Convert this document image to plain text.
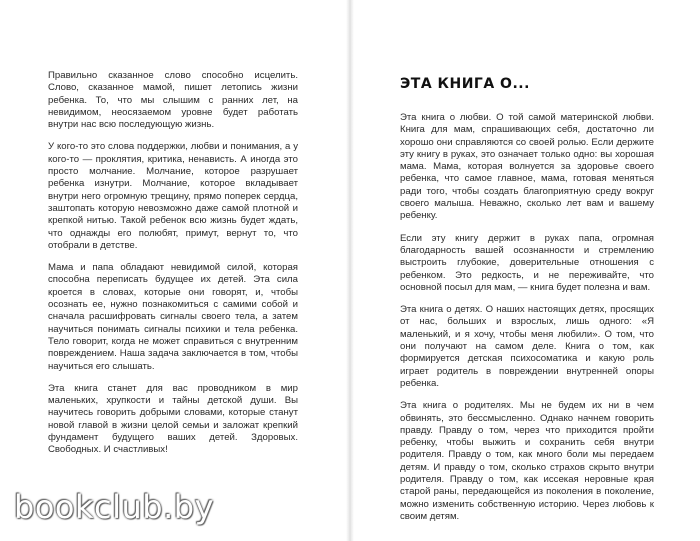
Правильно сказанное слово способно исцелить. Слово, сказанное мамой, пишет летопись жизни ребенка. То, что мы слышим с ранних лет, на невидимом, неосязаемом уровне будет работать внутри нас всю последующую жизнь.

У кого-то это слова поддержки, любви и понимания, а у кого-то — проклятия, критика, ненависть. А иногда это просто молчание. Молчание, которое разрушает ребенка изнутри. Молчание, которое вкладывает внутри него огромную трещину, прямо поперек сердца, заштопать которую невозможно даже самой плотной и крепкой нитью. Такой ребенок всю жизнь будет ждать, что однажды его полюбят, примут, вернут то, что отобрали в детстве.

Мама и папа обладают невидимой силой, которая способна переписать будущее их детей. Эта сила кроется в словах, которые они говорят, и, чтобы осознать ее, нужно познакомиться с самими собой и сначала расшифровать сигналы своего тела, а затем научиться понимать сигналы психики и тела ребенка. Тело говорит, когда не может справиться с внутренним повреждением. Наша задача заключается в том, чтобы научиться его слышать.

Эта книга станет для вас проводником в мир маленьких, хрупкости и тайны детской души. Вы научитесь говорить добрыми словами, которые станут новой главой в жизни целой семьи и заложат крепкий фундамент будущего ваших детей. Здоровых. Свободных. И счастливых!

ЭТА КНИГА О...

Эта книга о любви. О той самой материнской любви. Книга для мам, спрашивающих себя, достаточно ли хорошо они справляются со своей ролью. Если держите эту книгу в руках, это означает только одно: вы хорошая мама. Мама, которая волнуется за здоровье своего ребенка, что самое главное, мама, готовая меняться ради того, чтобы создать благоприятную среду вокруг своего малыша. Неважно, сколько лет вам и вашему ребенку.

Если эту книгу держит в руках папа, огромная благодарность вашей осознанности и стремлению выстроить глубокие, доверительные отношения с ребенком. Это редкость, и не переживайте, что основной посыл для мам, — книга будет полезна и вам.

Эта книга о детях. О наших настоящих детях, просящих от нас, больших и взрослых, лишь одного: «Я маленький, и я хочу, чтобы меня любили». О том, что они получают на самом деле. Книга о том, как формируется детская психосоматика и какую роль играет родитель в повреждении внутренней опоры ребенка.

Эта книга о родителях. Мы не будем их ни в чем обвинять, это бессмысленно. Однако начнем говорить правду. Правду о том, через что приходится пройти ребенку, чтобы выжить и сохранить себя внутри родителя. Правду о том, как много боли мы передаем детям. И правду о том, сколько страхов скрыто внутри родителя. Правду о том, как иссекая неровные края старой раны, передающейся из поколения в поколение, можно изменить собственную историю. Через любовь к своим детям.

bookclub.by
